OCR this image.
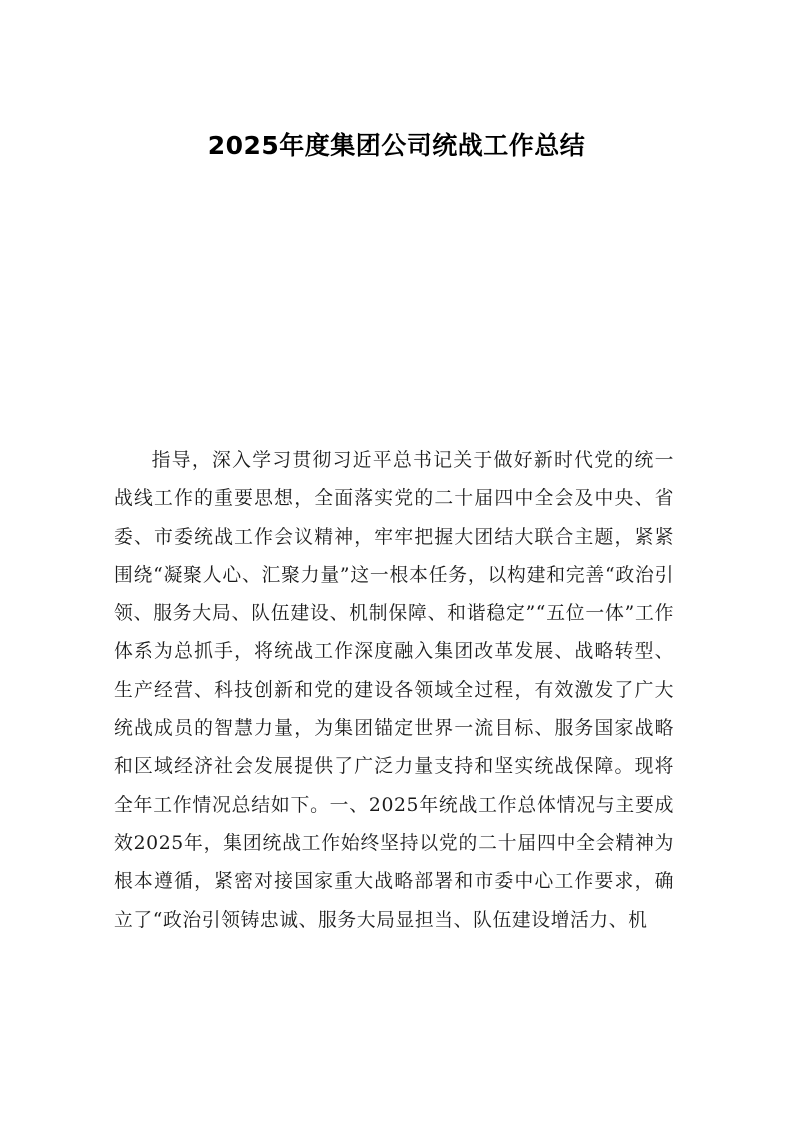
2025年度集团公司统战工作总结

指导，深入学习贯彻习近平总书记关于做好新时代党的统一战线工作的重要思想，全面落实党的二十届四中全会及中央、省委、市委统战工作会议精神，牢牢把握大团结大联合主题，紧紧围绕“凝聚人心、汇聚力量”这一根本任务，以构建和完善“政治引领、服务大局、队伍建设、机制保障、和谐稳定”“五位一体”工作体系为总抓手，将统战工作深度融入集团改革发展、战略转型、生产经营、科技创新和党的建设各领域全过程，有效激发了广大统战成员的智慧力量，为集团锚定世界一流目标、服务国家战略和区域经济社会发展提供了广泛力量支持和坚实统战保障。现将全年工作情况总结如下。一、2025年统战工作总体情况与主要成效2025年，集团统战工作始终坚持以党的二十届四中全会精神为根本遵循，紧密对接国家重大战略部署和市委中心工作要求，确立了“政治引领铸忠诚、服务大局显担当、队伍建设增活力、机
